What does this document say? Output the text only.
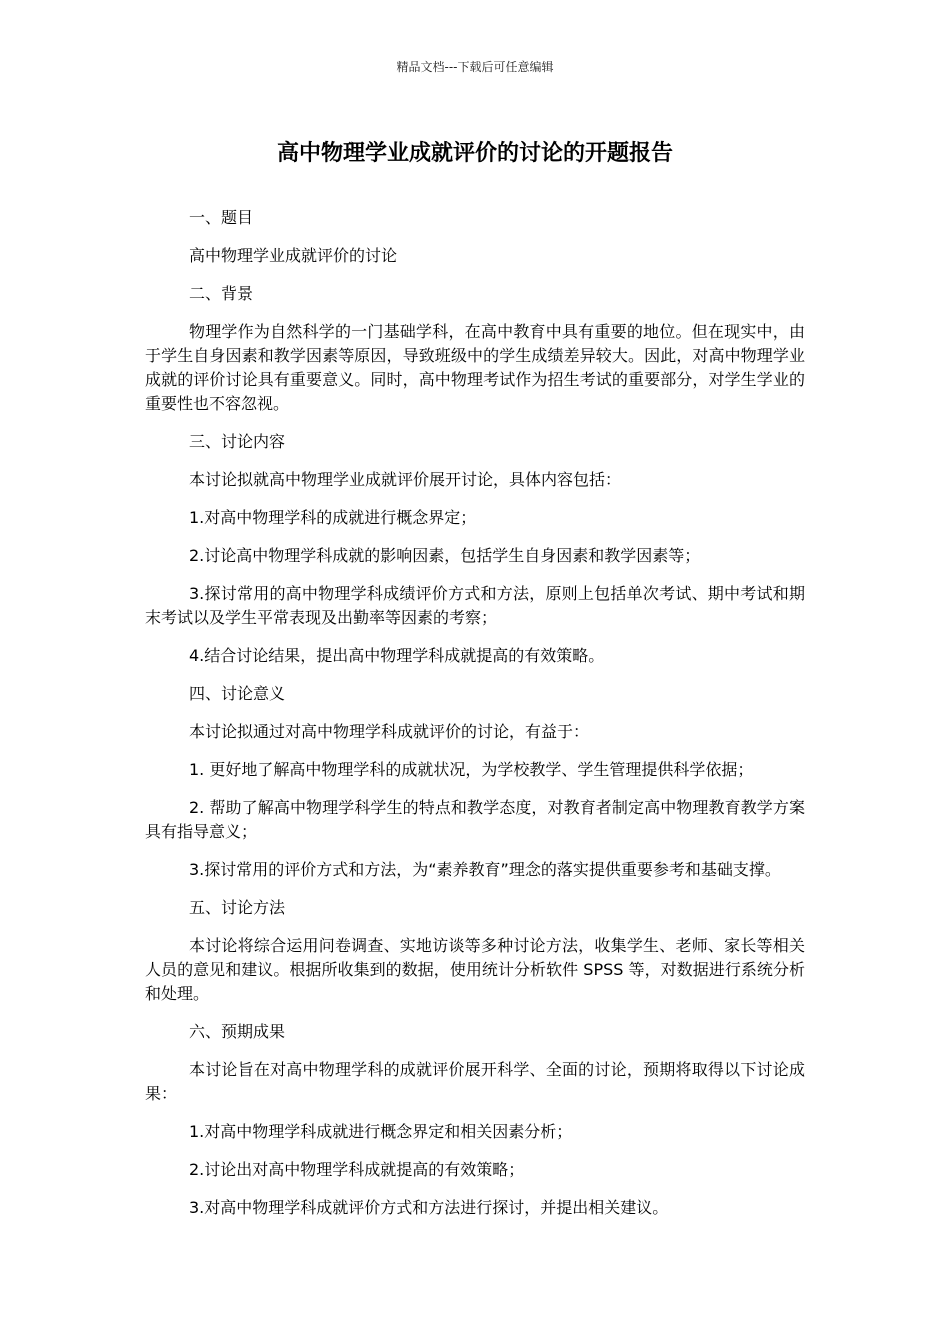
精品文档---下载后可任意编辑
高中物理学业成就评价的讨论的开题报告

一、题目

高中物理学业成就评价的讨论

二、背景

物理学作为自然科学的一门基础学科，在高中教育中具有重要的地位。但在现实中，由于学生自身因素和教学因素等原因，导致班级中的学生成绩差异较大。因此，对高中物理学业成就的评价讨论具有重要意义。同时，高中物理考试作为招生考试的重要部分，对学生学业的重要性也不容忽视。

三、讨论内容

本讨论拟就高中物理学业成就评价展开讨论，具体内容包括：

1.对高中物理学科的成就进行概念界定；

2.讨论高中物理学科成就的影响因素，包括学生自身因素和教学因素等；

3.探讨常用的高中物理学科成绩评价方式和方法，原则上包括单次考试、期中考试和期末考试以及学生平常表现及出勤率等因素的考察；

4.结合讨论结果，提出高中物理学科成就提高的有效策略。

四、讨论意义

本讨论拟通过对高中物理学科成就评价的讨论，有益于：

1. 更好地了解高中物理学科的成就状况，为学校教学、学生管理提供科学依据；

2. 帮助了解高中物理学科学生的特点和教学态度，对教育者制定高中物理教育教学方案具有指导意义；

3.探讨常用的评价方式和方法，为“素养教育”理念的落实提供重要参考和基础支撑。

五、讨论方法

本讨论将综合运用问卷调查、实地访谈等多种讨论方法，收集学生、老师、家长等相关人员的意见和建议。根据所收集到的数据，使用统计分析软件 SPSS 等，对数据进行系统分析和处理。

六、预期成果

本讨论旨在对高中物理学科的成就评价展开科学、全面的讨论，预期将取得以下讨论成果：

1.对高中物理学科成就进行概念界定和相关因素分析；

2.讨论出对高中物理学科成就提高的有效策略；

3.对高中物理学科成就评价方式和方法进行探讨，并提出相关建议。
